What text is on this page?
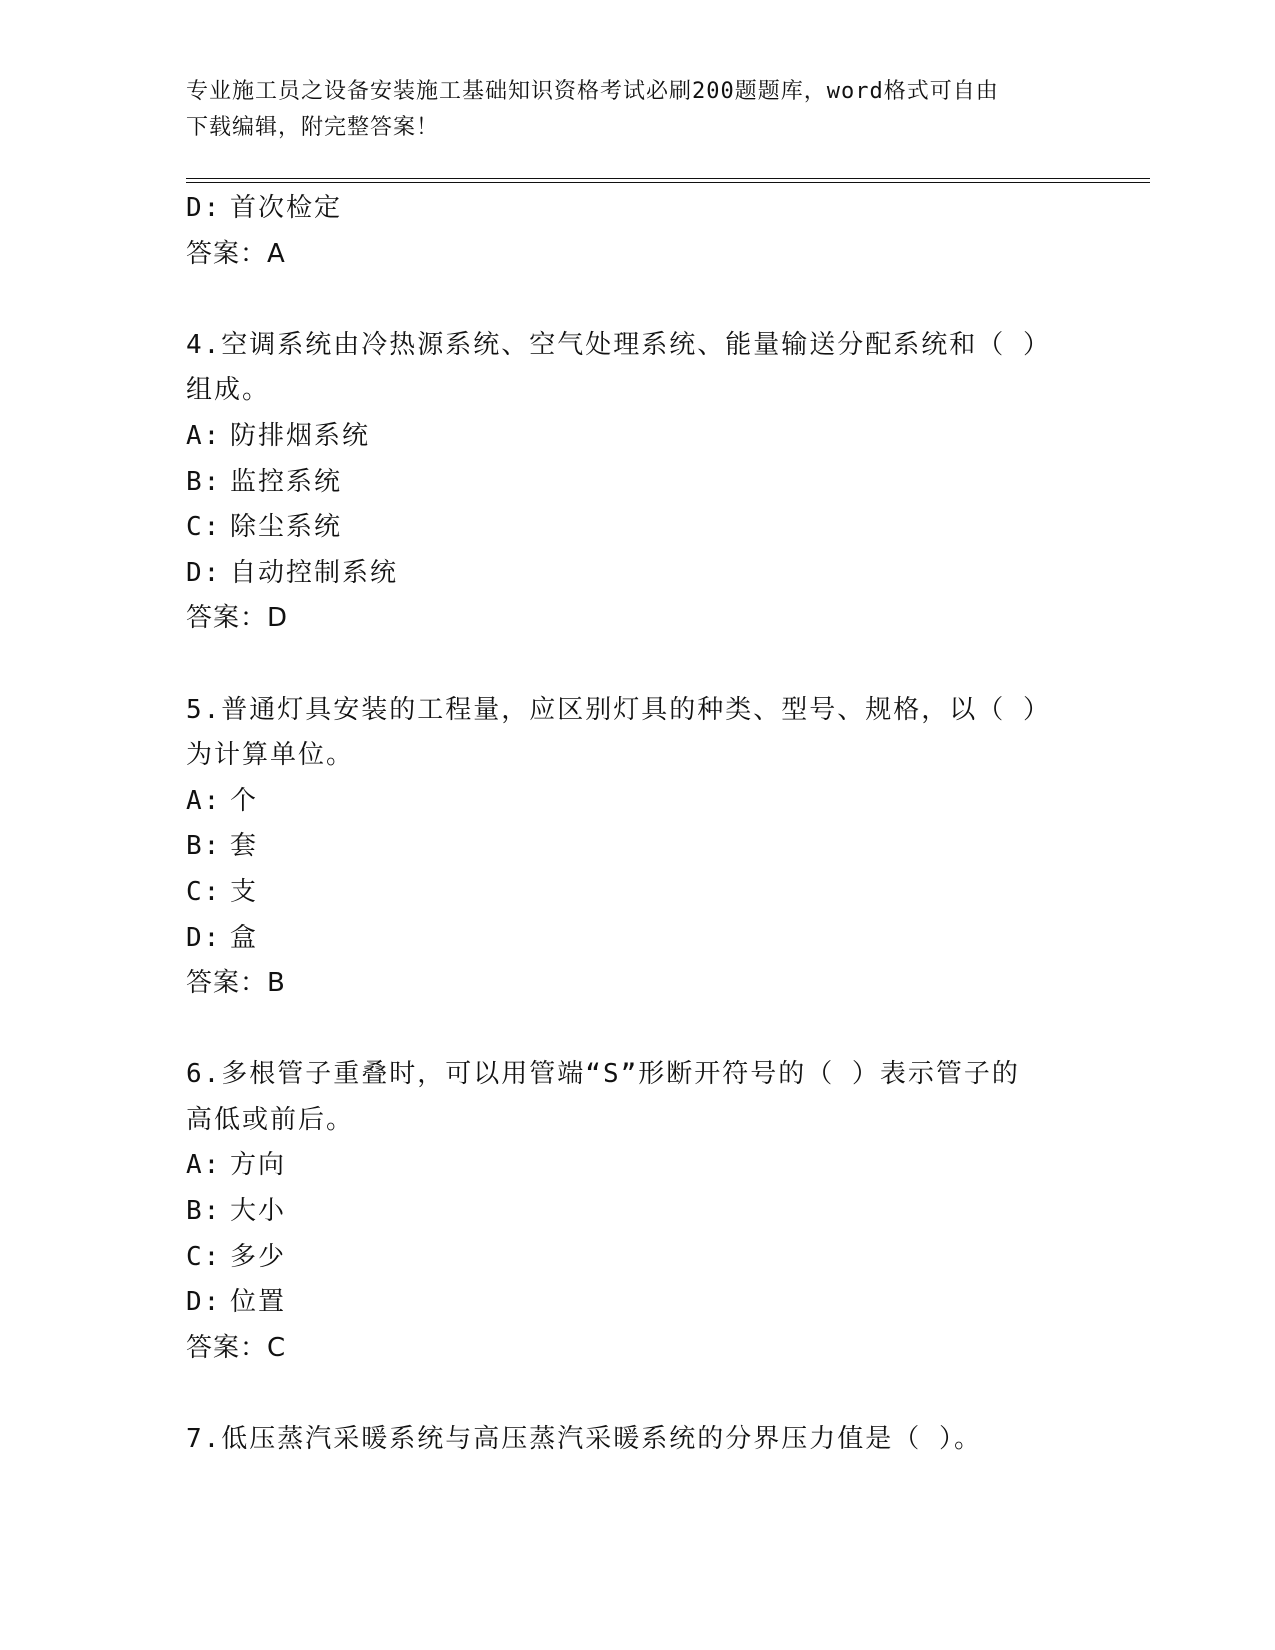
专业施工员之设备安装施工基础知识资格考试必刷200题题库，word格式可自由
下载编辑，附完整答案！
D: 首次检定
答案：A
4.空调系统由冷热源系统、空气处理系统、能量输送分配系统和（ ）
组成。
A: 防排烟系统
B: 监控系统
C: 除尘系统
D: 自动控制系统
答案：D
5.普通灯具安装的工程量，应区别灯具的种类、型号、规格，以（ ）
为计算单位。
A: 个
B: 套
C: 支
D: 盒
答案：B
6.多根管子重叠时，可以用管端“S”形断开符号的（ ）表示管子的
高低或前后。
A: 方向
B: 大小
C: 多少
D: 位置
答案：C
7.低压蒸汽采暖系统与高压蒸汽采暖系统的分界压力值是（ ）。
